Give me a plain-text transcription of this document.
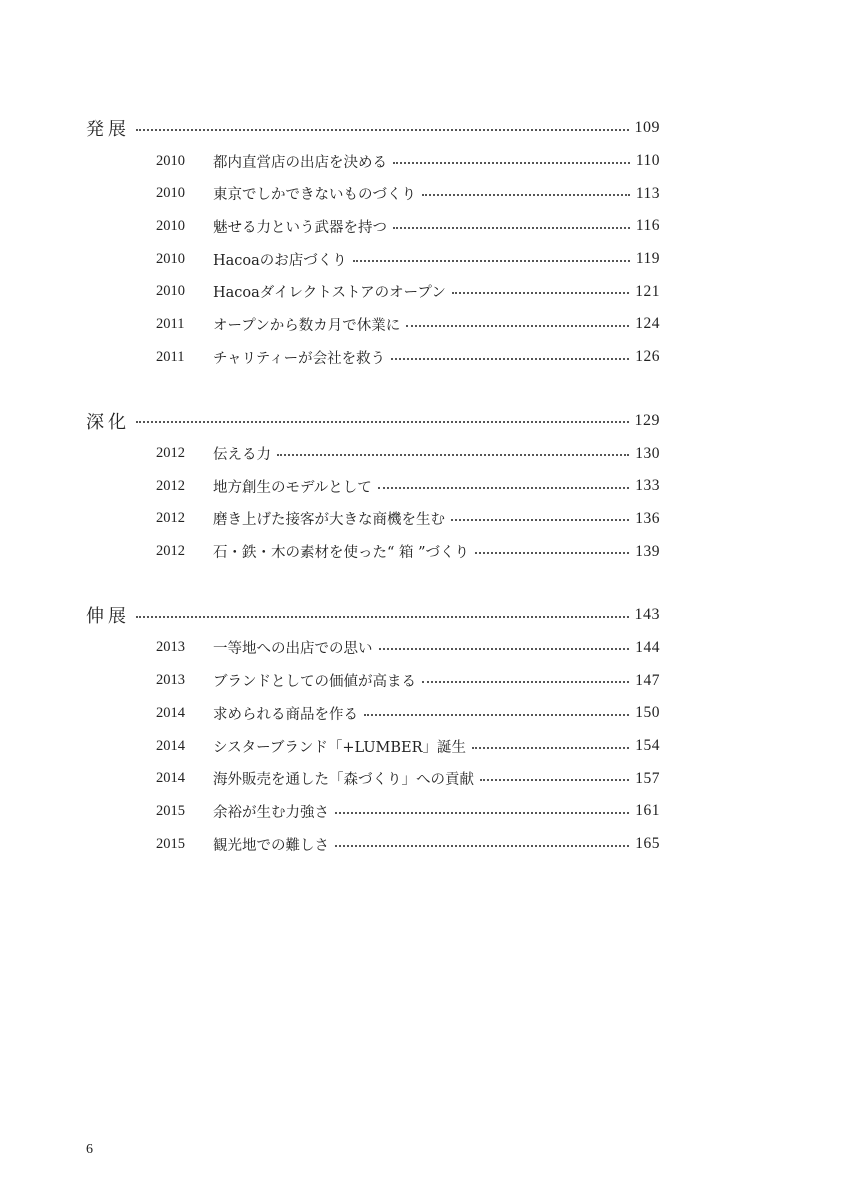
発展	109
2010	都内直営店の出店を決める	110
2010	東京でしかできないものづくり	113
2010	魅せる力という武器を持つ	116
2010	Hacoaのお店づくり	119
2010	Hacoaダイレクトストアのオープン	121
2011	オープンから数カ月で休業に	124
2011	チャリティーが会社を救う	126
深化	129
2012	伝える力	130
2012	地方創生のモデルとして	133
2012	磨き上げた接客が大きな商機を生む	136
2012	石・鉄・木の素材を使った“ 箱 ”づくり	139
伸展	143
2013	一等地への出店での思い	144
2013	ブランドとしての価値が高まる	147
2014	求められる商品を作る	150
2014	シスターブランド「+LUMBER」誕生	154
2014	海外販売を通した「森づくり」への貢献	157
2015	余裕が生む力強さ	161
2015	観光地での難しさ	165
6
